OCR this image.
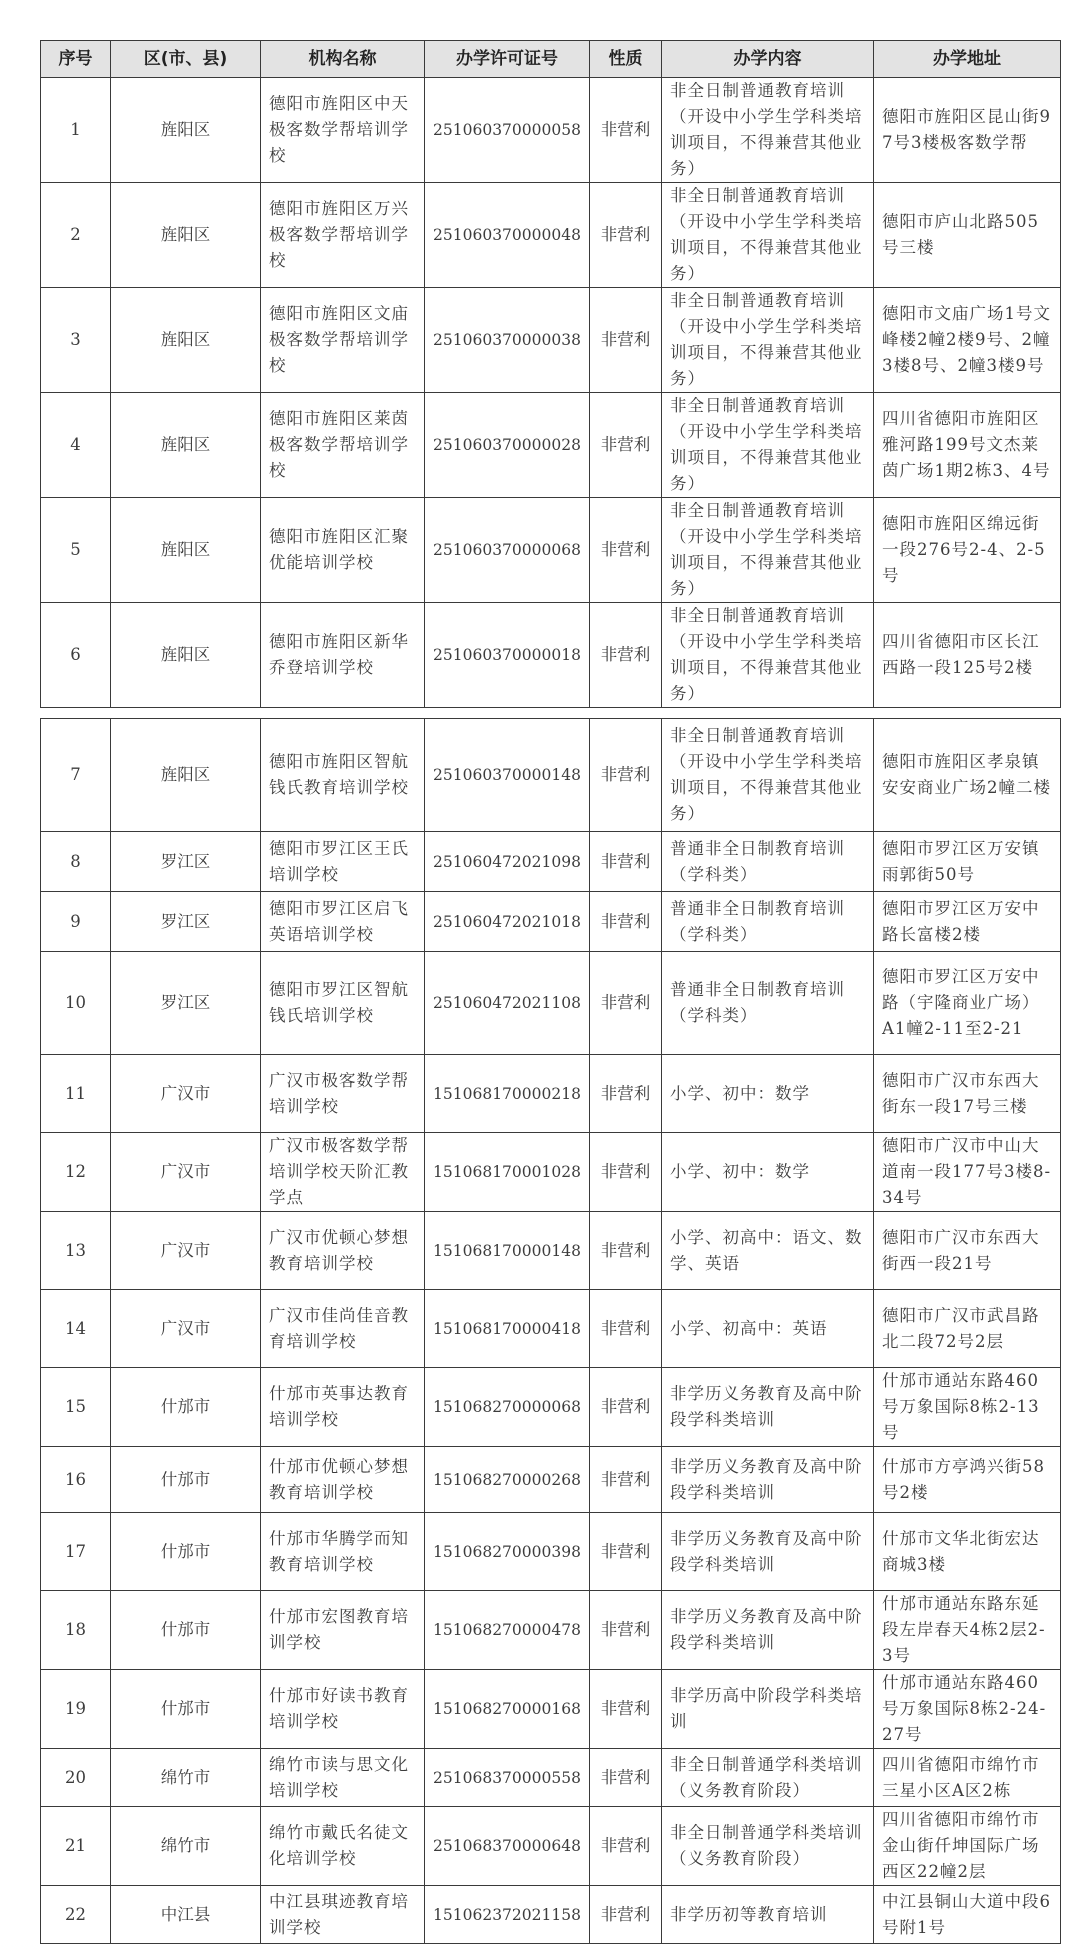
序号	区(市、县)	机构名称	办学许可证号	性质	办学内容	办学地址
1	旌阳区	德阳市旌阳区中天极客数学帮培训学校	251060370000058	非营利	非全日制普通教育培训（开设中小学生学科类培训项目，不得兼营其他业务）	德阳市旌阳区昆山街97号3楼极客数学帮
2	旌阳区	德阳市旌阳区万兴极客数学帮培训学校	251060370000048	非营利	非全日制普通教育培训（开设中小学生学科类培训项目，不得兼营其他业务）	德阳市庐山北路505号三楼
3	旌阳区	德阳市旌阳区文庙极客数学帮培训学校	251060370000038	非营利	非全日制普通教育培训（开设中小学生学科类培训项目，不得兼营其他业务）	德阳市文庙广场1号文峰楼2幢2楼9号、2幢3楼8号、2幢3楼9号
4	旌阳区	德阳市旌阳区莱茵极客数学帮培训学校	251060370000028	非营利	非全日制普通教育培训（开设中小学生学科类培训项目，不得兼营其他业务）	四川省德阳市旌阳区雅河路199号文杰莱茵广场1期2栋3、4号
5	旌阳区	德阳市旌阳区汇聚优能培训学校	251060370000068	非营利	非全日制普通教育培训（开设中小学生学科类培训项目，不得兼营其他业务）	德阳市旌阳区绵远街一段276号2-4、2-5号
6	旌阳区	德阳市旌阳区新华乔登培训学校	251060370000018	非营利	非全日制普通教育培训（开设中小学生学科类培训项目，不得兼营其他业务）	四川省德阳市区长江西路一段125号2楼
7	旌阳区	德阳市旌阳区智航钱氏教育培训学校	251060370000148	非营利	非全日制普通教育培训（开设中小学生学科类培训项目，不得兼营其他业务）	德阳市旌阳区孝泉镇安安商业广场2幢二楼
8	罗江区	德阳市罗江区王氏培训学校	251060472021098	非营利	普通非全日制教育培训（学科类）	德阳市罗江区万安镇雨郭街50号
9	罗江区	德阳市罗江区启飞英语培训学校	251060472021018	非营利	普通非全日制教育培训（学科类）	德阳市罗江区万安中路长富楼2楼
10	罗江区	德阳市罗江区智航钱氏培训学校	251060472021108	非营利	普通非全日制教育培训（学科类）	德阳市罗江区万安中路（宇隆商业广场）A1幢2-11至2-21
11	广汉市	广汉市极客数学帮培训学校	151068170000218	非营利	小学、初中：数学	德阳市广汉市东西大街东一段17号三楼
12	广汉市	广汉市极客数学帮培训学校天阶汇教学点	151068170001028	非营利	小学、初中：数学	德阳市广汉市中山大道南一段177号3楼8-34号
13	广汉市	广汉市优顿心梦想教育培训学校	151068170000148	非营利	小学、初高中：语文、数学、英语	德阳市广汉市东西大街西一段21号
14	广汉市	广汉市佳尚佳音教育培训学校	151068170000418	非营利	小学、初高中：英语	德阳市广汉市武昌路北二段72号2层
15	什邡市	什邡市英事达教育培训学校	151068270000068	非营利	非学历义务教育及高中阶段学科类培训	什邡市通站东路460号万象国际8栋2-13号
16	什邡市	什邡市优顿心梦想教育培训学校	151068270000268	非营利	非学历义务教育及高中阶段学科类培训	什邡市方亭鸿兴街58号2楼
17	什邡市	什邡市华腾学而知教育培训学校	151068270000398	非营利	非学历义务教育及高中阶段学科类培训	什邡市文华北街宏达商城3楼
18	什邡市	什邡市宏图教育培训学校	151068270000478	非营利	非学历义务教育及高中阶段学科类培训	什邡市通站东路东延段左岸春天4栋2层2-3号
19	什邡市	什邡市好读书教育培训学校	151068270000168	非营利	非学历高中阶段学科类培训	什邡市通站东路460号万象国际8栋2-24-27号
20	绵竹市	绵竹市读与思文化培训学校	251068370000558	非营利	非全日制普通学科类培训（义务教育阶段）	四川省德阳市绵竹市三星小区A区2栋
21	绵竹市	绵竹市戴氏名徒文化培训学校	251068370000648	非营利	非全日制普通学科类培训（义务教育阶段）	四川省德阳市绵竹市金山街仟坤国际广场西区22幢2层
22	中江县	中江县琪迹教育培训学校	151062372021158	非营利	非学历初等教育培训	中江县铜山大道中段6号附1号
